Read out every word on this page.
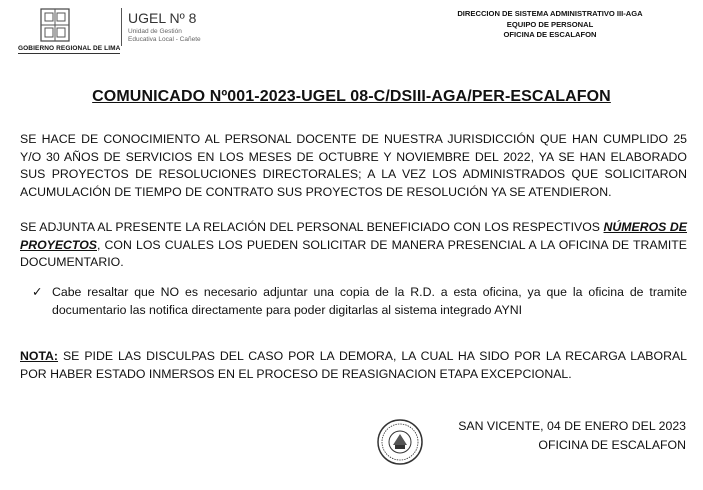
GOBIERNO REGIONAL DE LIMA
UGEL Nº 8
Unidad de Gestión
Educativa Local - Cañete
DIRECCION DE SISTEMA ADMINISTRATIVO III-AGA
EQUIPO DE PERSONAL
OFICINA DE ESCALAFON
COMUNICADO Nº001-2023-UGEL 08-C/DSIII-AGA/PER-ESCALAFON
SE HACE DE CONOCIMIENTO AL PERSONAL DOCENTE DE NUESTRA JURISDICCIÓN QUE HAN CUMPLIDO 25 Y/O 30 AÑOS DE SERVICIOS EN LOS MESES DE OCTUBRE Y NOVIEMBRE DEL 2022, YA SE HAN ELABORADO SUS PROYECTOS DE RESOLUCIONES DIRECTORALES; A LA VEZ LOS ADMINISTRADOS QUE SOLICITARON ACUMULACIÓN DE TIEMPO DE CONTRATO SUS PROYECTOS DE RESOLUCIÓN YA SE ATENDIERON.
SE ADJUNTA AL PRESENTE LA RELACIÓN DEL PERSONAL BENEFICIADO CON LOS RESPECTIVOS NÚMEROS DE PROYECTOS, CON LOS CUALES LOS PUEDEN SOLICITAR DE MANERA PRESENCIAL A LA OFICINA DE TRAMITE DOCUMENTARIO.
✓ Cabe resaltar que NO es necesario adjuntar una copia de la R.D. a esta oficina, ya que la oficina de tramite documentario las notifica directamente para poder digitarlas al sistema integrado AYNI
NOTA: SE PIDE LAS DISCULPAS DEL CASO POR LA DEMORA, LA CUAL HA SIDO POR LA RECARGA LABORAL POR HABER ESTADO INMERSOS EN EL PROCESO DE REASIGNACION ETAPA EXCEPCIONAL.
SAN VICENTE, 04 DE ENERO DEL 2023
OFICINA DE ESCALAFON
